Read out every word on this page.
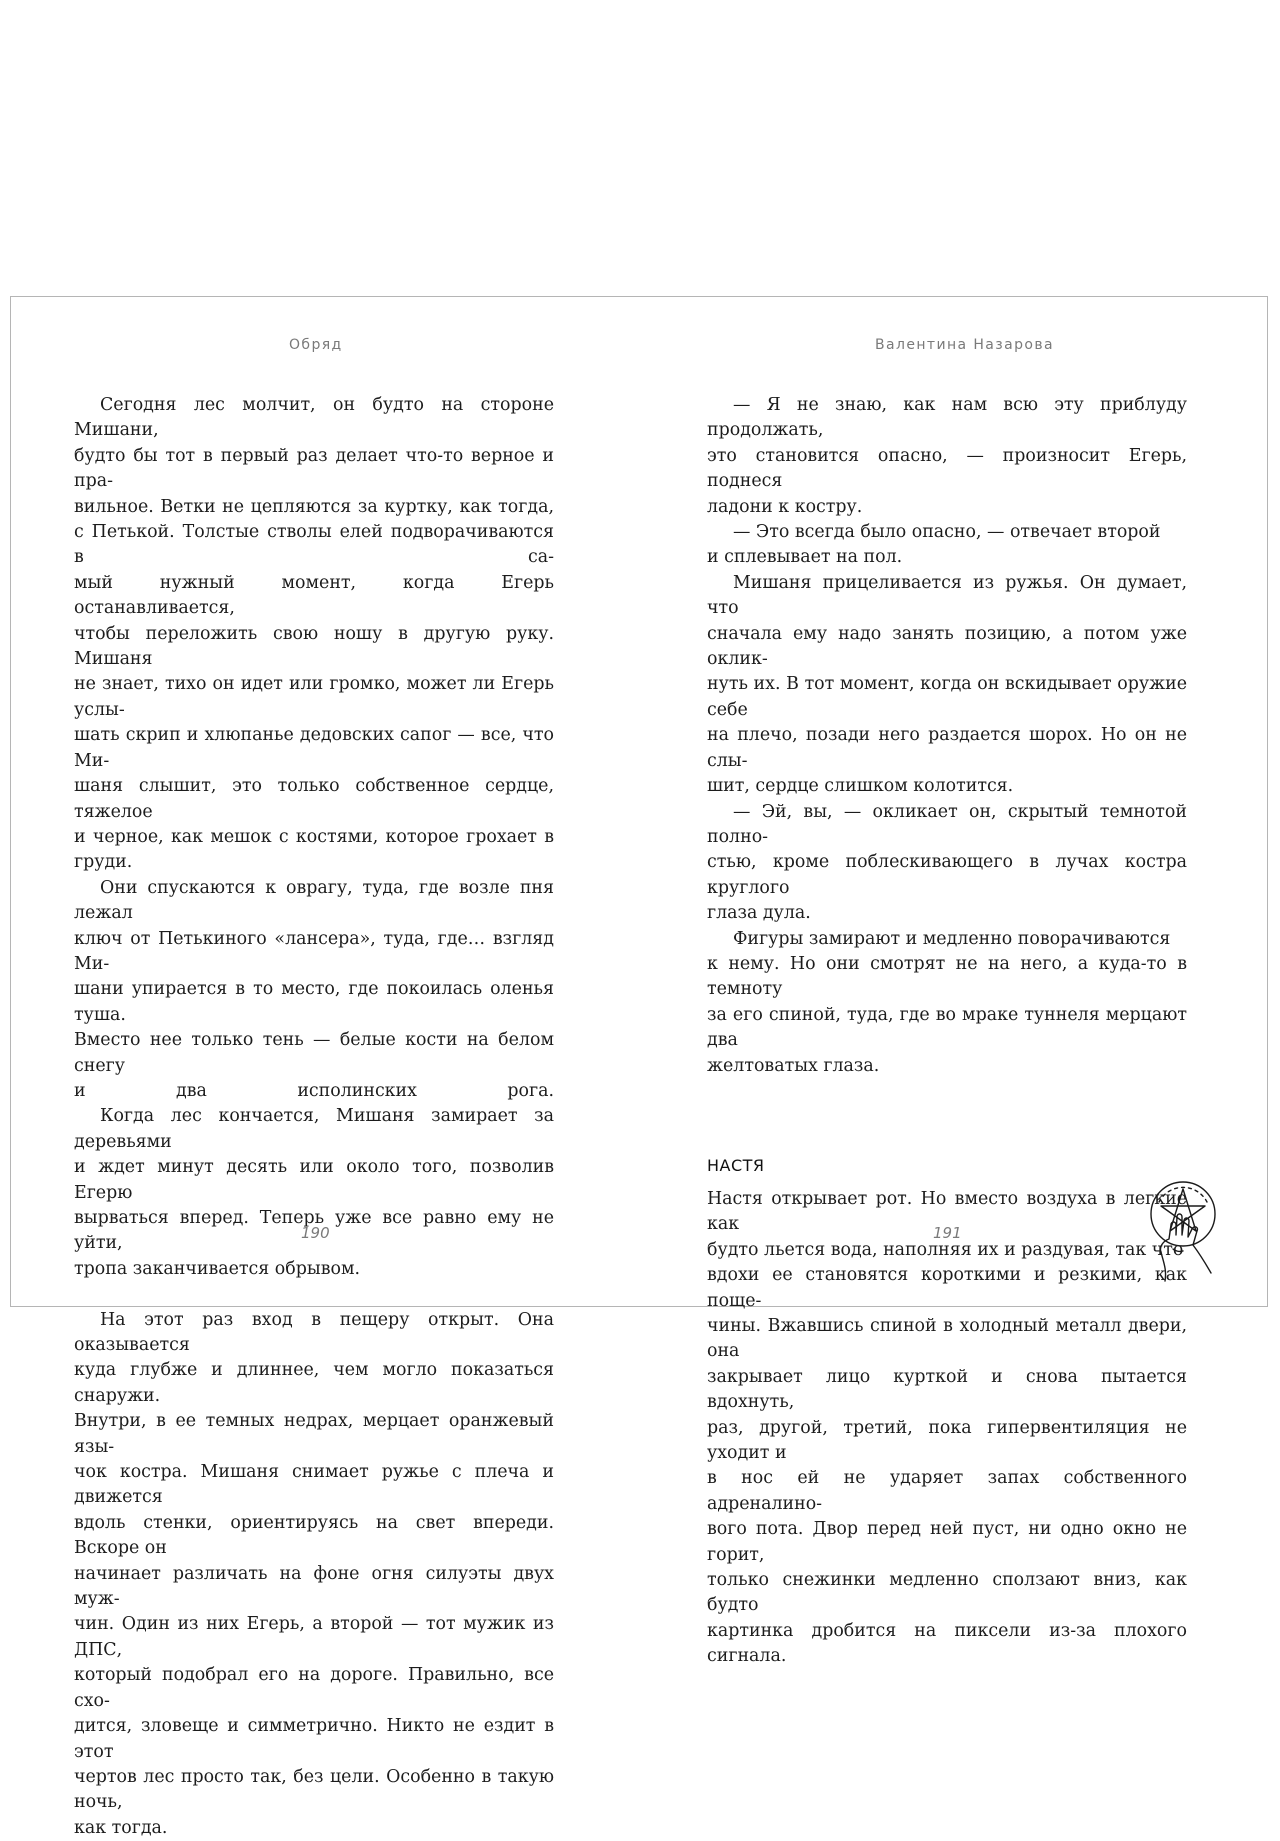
Обряд	Валентина Назарова

Сегодня лес молчит, он будто на стороне Мишани,
будто бы тот в первый раз делает что-то верное и пра-
вильное. Ветки не цепляются за куртку, как тогда,
с Петькой. Толстые стволы елей подворачиваются в са-
мый нужный момент, когда Егерь останавливается,
чтобы переложить свою ношу в другую руку. Мишаня
не знает, тихо он идет или громко, может ли Егерь услы-
шать скрип и хлюпанье дедовских сапог — все, что Ми-
шаня слышит, это только собственное сердце, тяжелое
и черное, как мешок с костями, которое грохает в груди.

Они спускаются к оврагу, туда, где возле пня лежал
ключ от Петькиного «лансера», туда, где… взгляд Ми-
шани упирается в то место, где покоилась оленья туша.
Вместо нее только тень — белые кости на белом снегу
и два исполинских рога.

Когда лес кончается, Мишаня замирает за деревьями
и ждет минут десять или около того, позволив Егерю
вырваться вперед. Теперь уже все равно ему не уйти,
тропа заканчивается обрывом.

На этот раз вход в пещеру открыт. Она оказывается
куда глубже и длиннее, чем могло показаться снаружи.
Внутри, в ее темных недрах, мерцает оранжевый язы-
чок костра. Мишаня снимает ружье с плеча и движется
вдоль стенки, ориентируясь на свет впереди. Вскоре он
начинает различать на фоне огня силуэты двух муж-
чин. Один из них Егерь, а второй — тот мужик из ДПС,
который подобрал его на дороге. Правильно, все схо-
дится, зловеще и симметрично. Никто не ездит в этот
чертов лес просто так, без цели. Особенно в такую ночь,
как тогда.

— Я не знаю, как нам всю эту приблуду продолжать,
это становится опасно, — произносит Егерь, поднеся
ладони к костру.

— Это всегда было опасно, — отвечает второй
и сплевывает на пол.

Мишаня прицеливается из ружья. Он думает, что
сначала ему надо занять позицию, а потом уже оклик-
нуть их. В тот момент, когда он вскидывает оружие себе
на плечо, позади него раздается шорох. Но он не слы-
шит, сердце слишком колотится.

— Эй, вы, — окликает он, скрытый темнотой полно-
стью, кроме поблескивающего в лучах костра круглого
глаза дула.

Фигуры замирают и медленно поворачиваются
к нему. Но они смотрят не на него, а куда-то в темноту
за его спиной, туда, где во мраке туннеля мерцают два
желтоватых глаза.

НАСТЯ

Настя открывает рот. Но вместо воздуха в легкие как
будто льется вода, наполняя их и раздувая, так что
вдохи ее становятся короткими и резкими, как поще-
чины. Вжавшись спиной в холодный металл двери, она
закрывает лицо курткой и снова пытается вдохнуть,
раз, другой, третий, пока гипервентиляция не уходит и
в нос ей не ударяет запах собственного адреналино-
вого пота. Двор перед ней пуст, ни одно окно не горит,
только снежинки медленно сползают вниз, как будто
картинка дробится на пиксели из-за плохого сигнала.

190	191
